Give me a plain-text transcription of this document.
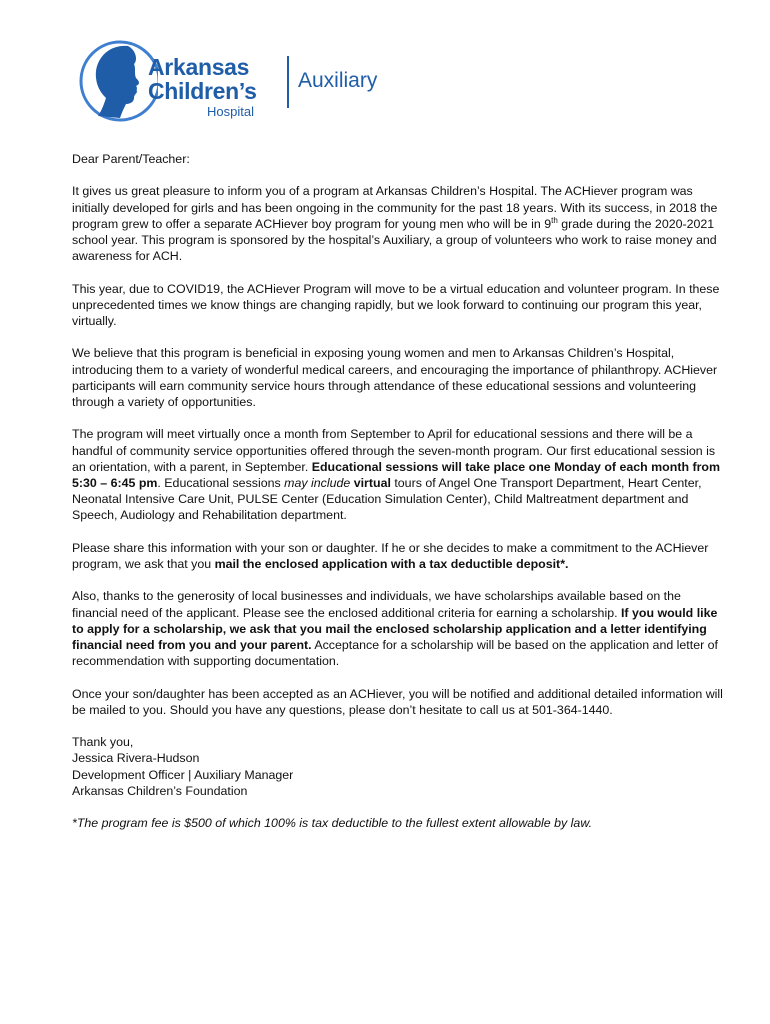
Arkansas
Children’s
Hospital
Auxiliary

Dear Parent/Teacher:

It gives us great pleasure to inform you of a program at Arkansas Children’s Hospital. The ACHiever program was initially developed for girls and has been ongoing in the community for the past 18 years. With its success, in 2018 the program grew to offer a separate ACHiever boy program for young men who will be in 9th grade during the 2020-2021 school year. This program is sponsored by the hospital’s Auxiliary, a group of volunteers who work to raise money and awareness for ACH.

This year, due to COVID19, the ACHiever Program will move to be a virtual education and volunteer program. In these unprecedented times we know things are changing rapidly, but we look forward to continuing our program this year, virtually.

We believe that this program is beneficial in exposing young women and men to Arkansas Children’s Hospital, introducing them to a variety of wonderful medical careers, and encouraging the importance of philanthropy. ACHiever participants will earn community service hours through attendance of these educational sessions and volunteering through a variety of opportunities.

The program will meet virtually once a month from September to April for educational sessions and there will be a handful of community service opportunities offered through the seven-month program. Our first educational session is an orientation, with a parent, in September. Educational sessions will take place one Monday of each month from 5:30 – 6:45 pm. Educational sessions may include virtual tours of Angel One Transport Department, Heart Center, Neonatal Intensive Care Unit, PULSE Center (Education Simulation Center), Child Maltreatment department and Speech, Audiology and Rehabilitation department.

Please share this information with your son or daughter. If he or she decides to make a commitment to the ACHiever program, we ask that you mail the enclosed application with a tax deductible deposit*.

Also, thanks to the generosity of local businesses and individuals, we have scholarships available based on the financial need of the applicant. Please see the enclosed additional criteria for earning a scholarship. If you would like to apply for a scholarship, we ask that you mail the enclosed scholarship application and a letter identifying financial need from you and your parent. Acceptance for a scholarship will be based on the application and letter of recommendation with supporting documentation.

Once your son/daughter has been accepted as an ACHiever, you will be notified and additional detailed information will be mailed to you. Should you have any questions, please don’t hesitate to call us at 501-364-1440.

Thank you,
Jessica Rivera-Hudson
Development Officer | Auxiliary Manager
Arkansas Children’s Foundation

*The program fee is $500 of which 100% is tax deductible to the fullest extent allowable by law.
